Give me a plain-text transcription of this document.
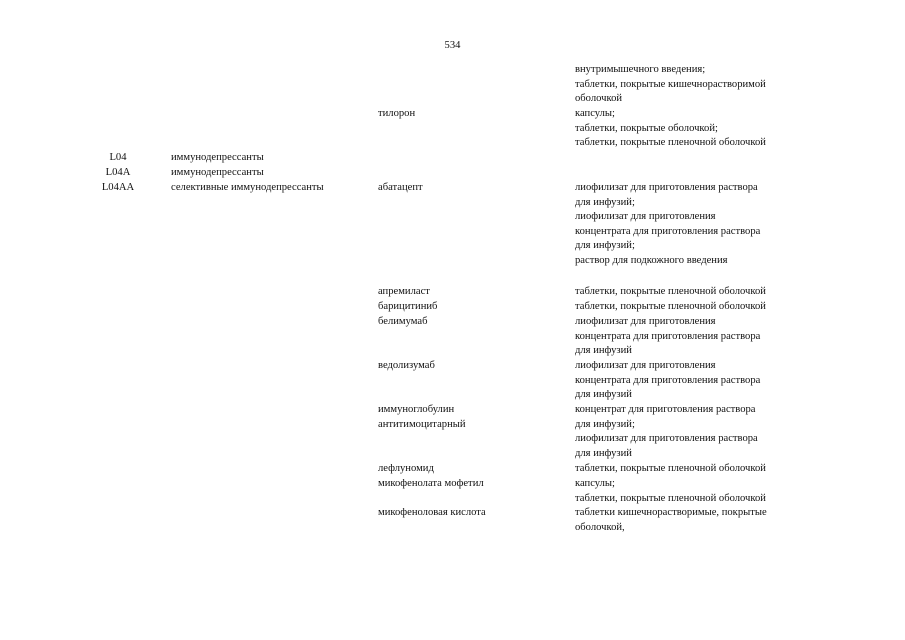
534
внутримышечного введения;
таблетки, покрытые кишечнорастворимой
оболочкой
тилорон	капсулы;
таблетки, покрытые оболочкой;
таблетки, покрытые пленочной оболочкой
L04	иммунодепрессанты
L04A	иммунодепрессанты
L04AA	селективные иммунодепрессанты	абатацепт	лиофилизат для приготовления раствора
для инфузий;
лиофилизат для приготовления
концентрата для приготовления раствора
для инфузий;
раствор для подкожного введения
апремиласт	таблетки, покрытые пленочной оболочкой
барицитиниб	таблетки, покрытые пленочной оболочкой
белимумаб	лиофилизат для приготовления
концентрата для приготовления раствора
для инфузий
ведолизумаб	лиофилизат для приготовления
концентрата для приготовления раствора
для инфузий
иммуноглобулин антитимоцитарный
концентрат для приготовления раствора
для инфузий;
лиофилизат для приготовления раствора
для инфузий
лефлуномид	таблетки, покрытые пленочной оболочкой
микофенолата мофетил	капсулы;
таблетки, покрытые пленочной оболочкой
микофеноловая кислота	таблетки кишечнорастворимые, покрытые
оболочкой,
